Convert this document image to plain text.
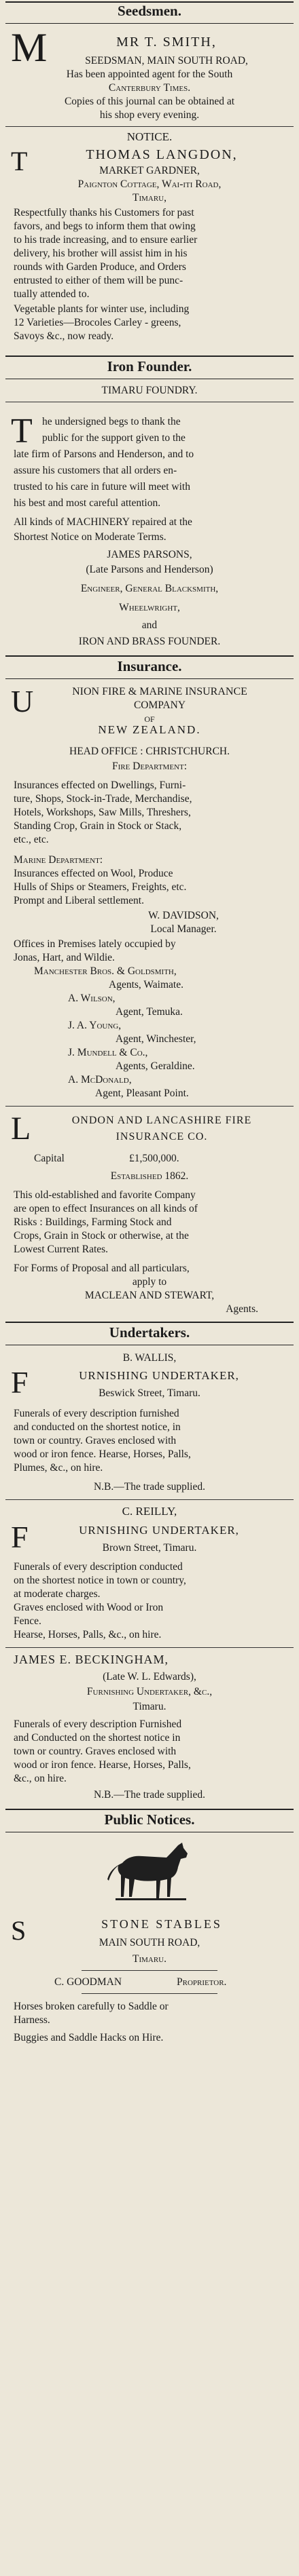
Seedsmen.
M	MR T. SMITH,
SEEDSMAN, MAIN SOUTH ROAD,
Has been appointed agent for the South
Canterbury Times.
Copies of this journal can be obtained at
his shop every evening.
NOTICE.
T	THOMAS LANGDON,
MARKET GARDNER,
Paignton Cottage, Wai-iti Road,
Timaru,
Respectfully thanks his Customers for past
favors, and begs to inform them that owing
to his trade increasing, and to ensure earlier
delivery, his brother will assist him in his
rounds with Garden Produce, and Orders
entrusted to either of them will be punc-
tually attended to.
Vegetable plants for winter use, including
12 Varieties—Brocoles Carley - greens,
Savoys &c., now ready.
Iron Founder.
TIMARU FOUNDRY.
T he undersigned begs to thank the
public for the support given to the
late firm of Parsons and Henderson, and to
assure his customers that all orders en-
trusted to his care in future will meet with
his best and most careful attention.
All kinds of MACHINERY repaired at the
Shortest Notice on Moderate Terms.
JAMES PARSONS,
(Late Parsons and Henderson)
Engineer, General Blacksmith,
Wheelwright,
and
IRON AND BRASS FOUNDER.
Insurance.
U	NION FIRE & MARINE INSURANCE
COMPANY
OF
NEW ZEALAND.
HEAD OFFICE : CHRISTCHURCH.
Fire Department:
Insurances effected on Dwellings, Furni-
ture, Shops, Stock-in-Trade, Merchandise,
Hotels, Workshops, Saw Mills, Threshers,
Standing Crop, Grain in Stock or Stack,
etc., etc.
Marine Department:
Insurances effected on Wool, Produce
Hulls of Ships or Steamers, Freights, etc.
Prompt and Liberal settlement.
W. DAVIDSON,
Local Manager.
Offices in Premises lately occupied by
Jonas, Hart, and Wildie.
Manchester Bros. & Goldsmith,
Agents, Waimate.
A. Wilson,
Agent, Temuka.
J. A. Young,
Agent, Winchester,
J. Mundell & Co.,
Agents, Geraldine.
A. McDonald,
Agent, Pleasant Point.
L	ONDON AND LANCASHIRE FIRE
INSURANCE CO.
Capital	£1,500,000.
Established 1862.
This old-established and favorite Company
are open to effect Insurances on all kinds of
Risks : Buildings, Farming Stock and
Crops, Grain in Stock or otherwise, at the
Lowest Current Rates.
For Forms of Proposal and all particulars,
apply to
MACLEAN AND STEWART,
Agents.
Undertakers.
B. WALLIS,
F	URNISHING UNDERTAKER,
Beswick Street, Timaru.
Funerals of every description furnished
and conducted on the shortest notice, in
town or country. Graves enclosed with
wood or iron fence. Hearse, Horses, Palls,
Plumes, &c., on hire.
N.B.—The trade supplied.
C. REILLY,
F	URNISHING UNDERTAKER,
Brown Street, Timaru.
Funerals of every description conducted
on the shortest notice in town or country,
at moderate charges.
Graves enclosed with Wood or Iron
Fence.
Hearse, Horses, Palls, &c., on hire.
JAMES E. BECKINGHAM,
(Late W. L. Edwards),
Furnishing Undertaker, &c.,
Timaru.
Funerals of every description Furnished
and Conducted on the shortest notice in
town or country. Graves enclosed with
wood or iron fence. Hearse, Horses, Palls,
&c., on hire.
N.B.—The trade supplied.
Public Notices.
S	STONE STABLES
MAIN SOUTH ROAD,
Timaru.
C. GOODMAN	Proprietor.
Horses broken carefully to Saddle or
Harness.
Buggies and Saddle Hacks on Hire.
